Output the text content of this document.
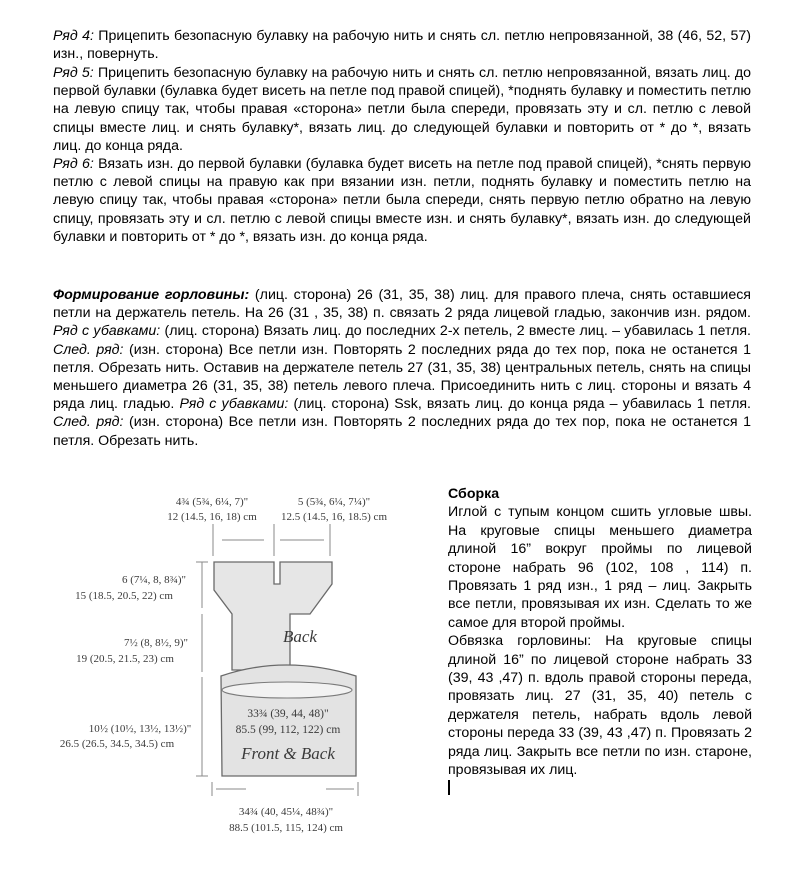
Ряд 4: Прицепить безопасную булавку на рабочую нить и снять сл. петлю непровязанной, 38 (46, 52, 57) изн., повернуть.

Ряд 5: Прицепить безопасную булавку на рабочую нить и снять сл. петлю непровязанной, вязать лиц. до первой булавки (булавка будет висеть на петле под правой спицей), *поднять булавку и поместить петлю на левую спицу так, чтобы правая «сторона» петли была спереди, провязать эту и сл. петлю с левой спицы вместе лиц. и снять булавку*, вязать лиц. до следующей булавки и повторить от * до *, вязать лиц. до конца ряда.

Ряд 6: Вязать изн. до первой булавки (булавка будет висеть на петле под правой спицей), *снять первую петлю с левой спицы на правую как при вязании изн. петли, поднять булавку и поместить петлю на левую спицу так, чтобы правая «сторона» петли была спереди, снять первую петлю обратно на левую спицу, провязать эту и сл. петлю с левой спицы вместе изн. и снять булавку*, вязать изн. до следующей булавки и повторить от * до *, вязать изн. до конца ряда.

Формирование горловины: (лиц. сторона) 26 (31, 35, 38) лиц. для правого плеча, снять оставшиеся петли на держатель петель. На 26 (31 , 35, 38) п. связать 2 ряда лицевой гладью, закончив изн. рядом. Ряд с убавками: (лиц. сторона) Вязать лиц. до последних 2-х петель, 2 вместе лиц. – убавилась 1 петля. След. ряд: (изн. сторона) Все петли изн. Повторять 2 последних ряда до тех пор, пока не останется 1 петля. Обрезать нить. Оставив на держателе петель 27 (31, 35, 38) центральных петель, снять на спицы меньшего диаметра 26 (31, 35, 38) петель левого плеча. Присоединить нить с лиц. стороны и вязать 4 ряда лиц. гладью. Ряд с убавками: (лиц. сторона) Ssk, вязать лиц. до конца ряда – убавилась 1 петля. След. ряд: (изн. сторона) Все петли изн. Повторять 2 последних ряда до тех пор, пока не останется 1 петля. Обрезать нить.

4¾ (5¾, 6¼, 7)"
12 (14.5, 16, 18) cm
5 (5¾, 6¼, 7¼)"
12.5 (14.5, 16, 18.5) cm
6 (7¼, 8, 8¾)"
15 (18.5, 20.5, 22) cm
7½ (8, 8½, 9)"
19 (20.5, 21.5, 23) cm
10½ (10½, 13½, 13½)"
26.5 (26.5, 34.5, 34.5) cm
Back
33¾ (39, 44, 48)"
85.5 (99, 112, 122) cm
Front & Back
34¾ (40, 45¼, 48¾)"
88.5 (101.5, 115, 124) cm
Сборка

Иглой с тупым концом сшить угловые швы. На круговые спицы меньшего диаметра длиной 16” вокруг проймы по лицевой стороне набрать 96 (102, 108 , 114) п. Провязать 1 ряд изн., 1 ряд – лиц. Закрыть все петли, провязывая их изн. Сделать то же самое для второй проймы.

Обвязка горловины: На круговые спицы длиной 16” по лицевой стороне набрать 33 (39, 43 ,47) п. вдоль правой стороны переда, провязать лиц. 27 (31, 35, 40) петель с держателя петель, набрать вдоль левой стороны переда 33 (39, 43 ,47) п. Провязать 2 ряда лиц. Закрыть все петли по изн. староне, провязывая их лиц.
